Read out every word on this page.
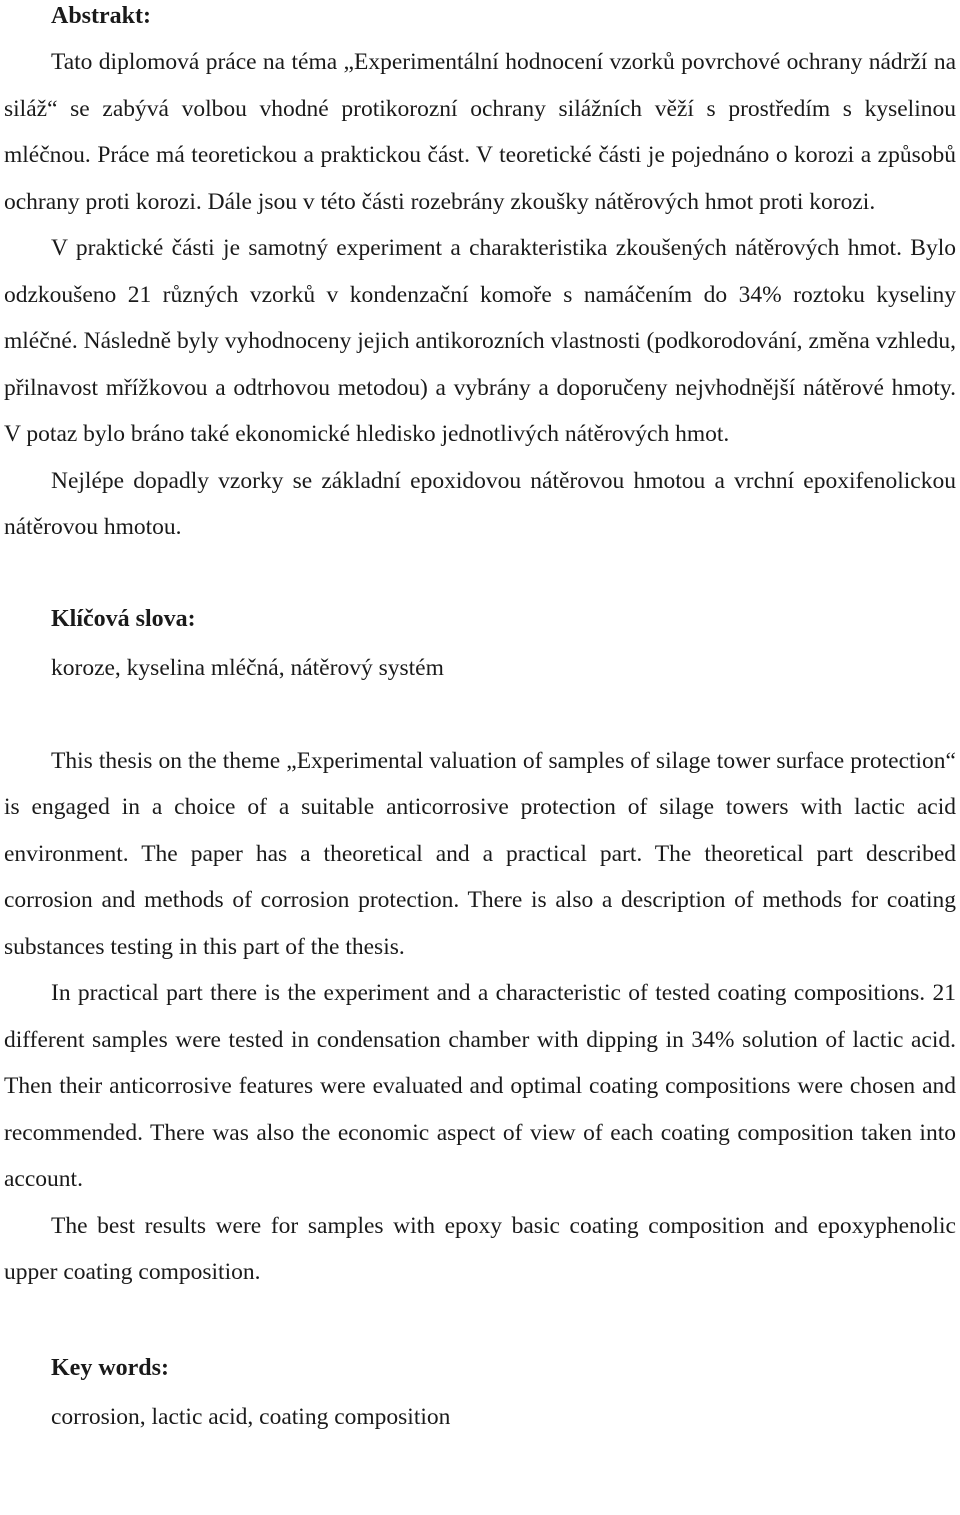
Abstrakt:

Tato diplomová práce na téma „Experimentální hodnocení vzorků povrchové ochrany nádrží na siláž“ se zabývá volbou vhodné protikorozní ochrany silážních věží s prostředím s kyselinou mléčnou. Práce má teoretickou a praktickou část. V teoretické části je pojednáno o korozi a způsobů ochrany proti korozi. Dále jsou v této části rozebrány zkoušky nátěrových hmot proti korozi.

V praktické části je samotný experiment a charakteristika zkoušených nátěrových hmot. Bylo odzkoušeno 21 různých vzorků v kondenzační komoře s namáčením do 34% roztoku kyseliny mléčné. Následně byly vyhodnoceny jejich antikorozních vlastnosti (podkorodování, změna vzhledu, přilnavost mřížkovou a odtrhovou metodou) a vybrány a doporučeny nejvhodnější nátěrové hmoty. V potaz bylo bráno také ekonomické hledisko jednotlivých nátěrových hmot.

Nejlépe dopadly vzorky se základní epoxidovou nátěrovou hmotou a vrchní epoxifenolickou nátěrovou hmotou.

Klíčová slova:

koroze, kyselina mléčná, nátěrový systém

This thesis on the theme „Experimental valuation of samples of silage tower surface protection“ is engaged in a choice of a suitable anticorrosive protection of silage towers with lactic acid environment. The paper has a theoretical and a practical part. The theoretical part described corrosion and methods of corrosion protection. There is also a description of methods for coating substances testing in this part of the thesis.

In practical part there is the experiment and a characteristic of tested coating compositions. 21 different samples were tested in condensation chamber with dipping in 34% solution of lactic acid. Then their anticorrosive features were evaluated and optimal coating compositions were chosen and recommended. There was also the economic aspect of view of each coating composition taken into account.

The best results were for samples with epoxy basic coating composition and epoxyphenolic upper coating composition.

Key words:

corrosion, lactic acid, coating composition
